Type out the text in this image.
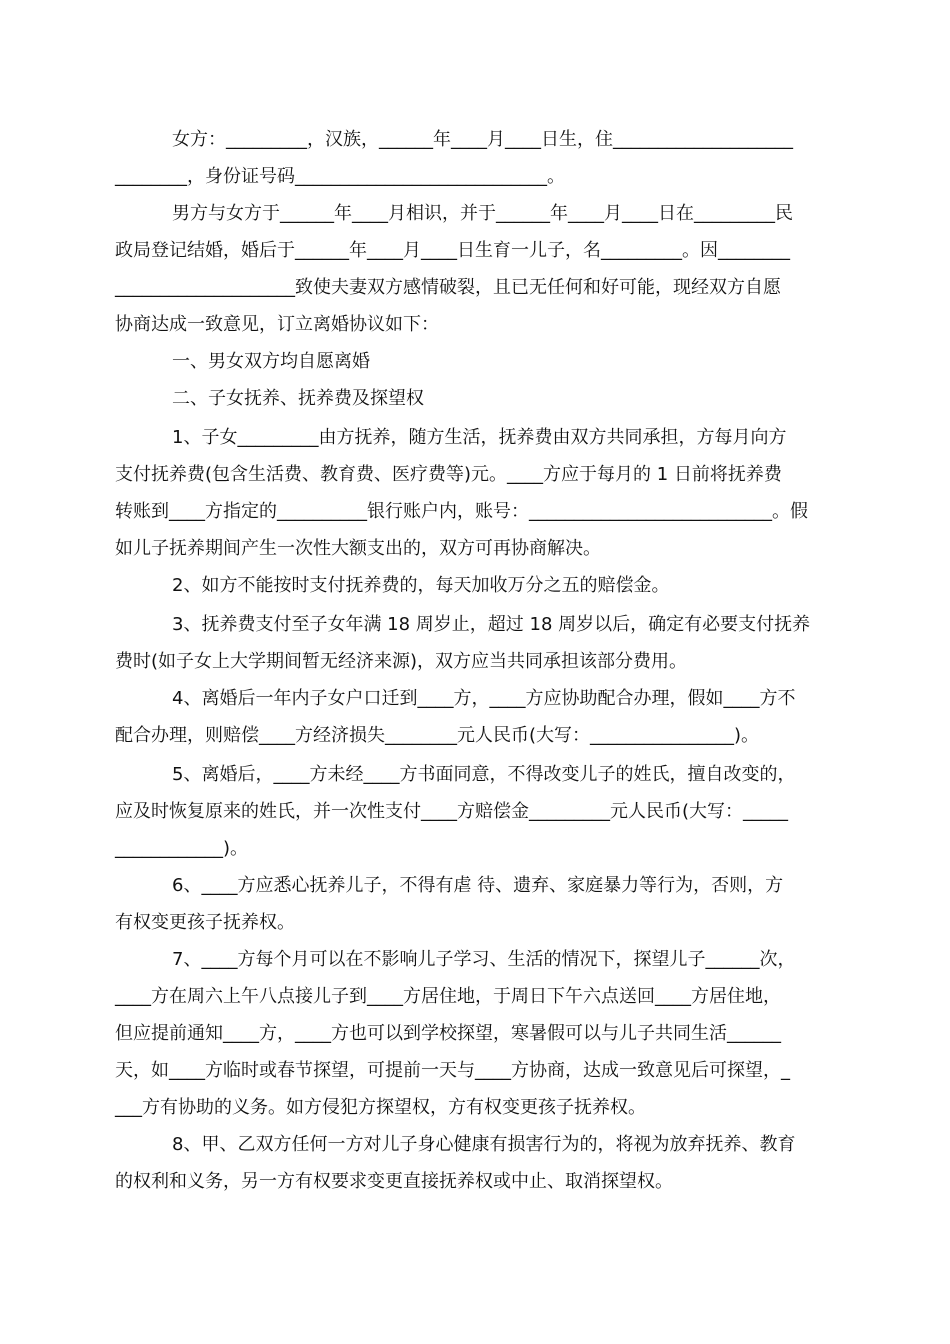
女方：_________，汉族，______年____月____日生，住____________________

________，身份证号码____________________________。

男方与女方于______年____月相识，并于______年____月____日在_________民

政局登记结婚，婚后于______年____月____日生育一儿子，名_________。因________

____________________致使夫妻双方感情破裂，且已无任何和好可能，现经双方自愿

协商达成一致意见，订立离婚协议如下：

一、男女双方均自愿离婚

二、子女抚养、抚养费及探望权

1、子女_________由方抚养，随方生活，抚养费由双方共同承担，方每月向方

支付抚养费(包含生活费、教育费、医疗费等)元。____方应于每月的 1 日前将抚养费

转账到____方指定的__________银行账户内，账号：___________________________。假

如儿子抚养期间产生一次性大额支出的，双方可再协商解决。

2、如方不能按时支付抚养费的，每天加收万分之五的赔偿金。

3、抚养费支付至子女年满 18 周岁止，超过 18 周岁以后，确定有必要支付抚养

费时(如子女上大学期间暂无经济来源)，双方应当共同承担该部分费用。

4、离婚后一年内子女户口迁到____方，____方应协助配合办理，假如____方不

配合办理，则赔偿____方经济损失________元人民币(大写：________________)。

5、离婚后，____方未经____方书面同意，不得改变儿子的姓氏，擅自改变的，

应及时恢复原来的姓氏，并一次性支付____方赔偿金_________元人民币(大写：_____

____________)。

6、____方应悉心抚养儿子，不得有虐 待、遗弃、家庭暴力等行为，否则，方

有权变更孩子抚养权。

7、____方每个月可以在不影响儿子学习、生活的情况下，探望儿子______次，

____方在周六上午八点接儿子到____方居住地，于周日下午六点送回____方居住地，

但应提前通知____方，____方也可以到学校探望，寒暑假可以与儿子共同生活______

天，如____方临时或春节探望，可提前一天与____方协商，达成一致意见后可探望，_

___方有协助的义务。如方侵犯方探望权，方有权变更孩子抚养权。

8、甲、乙双方任何一方对儿子身心健康有损害行为的，将视为放弃抚养、教育

的权利和义务，另一方有权要求变更直接抚养权或中止、取消探望权。
